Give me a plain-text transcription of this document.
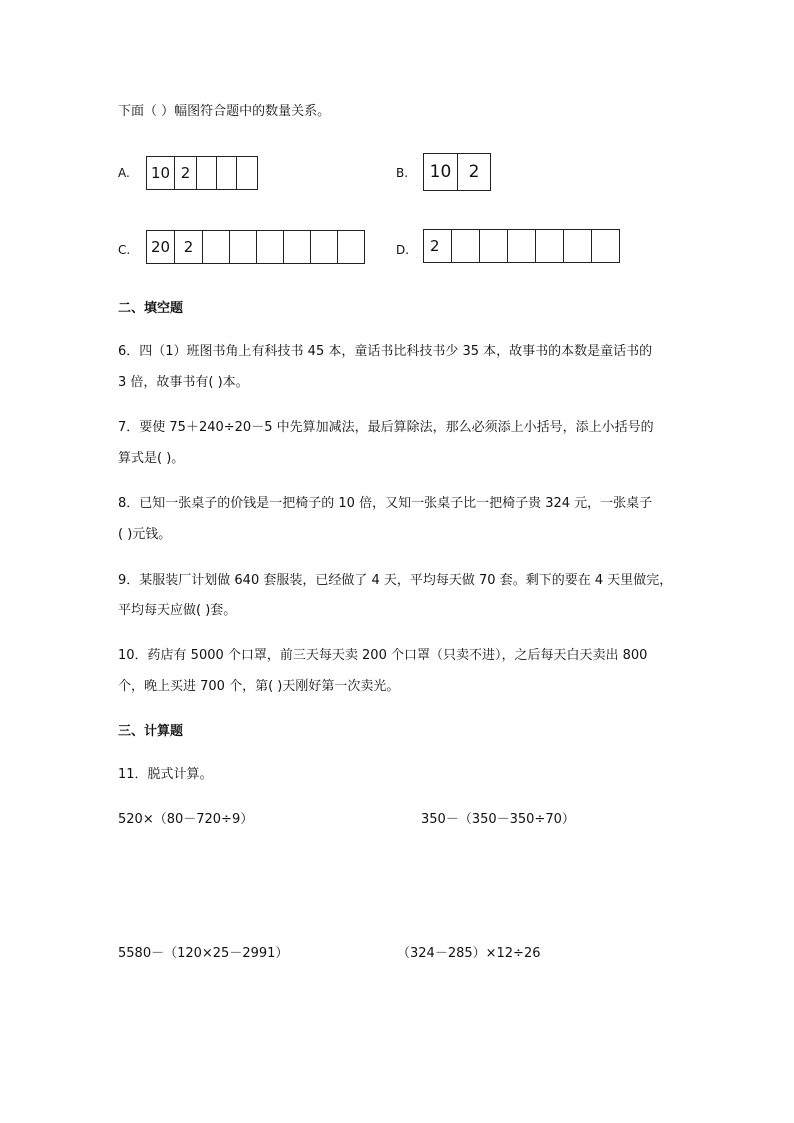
下面（ ）幅图符合题中的数量关系。
A. 10 2	B.	10	2
C. 20 2	D.	2
二、填空题
6．四（1）班图书角上有科技书 45 本，童话书比科技书少 35 本，故事书的本数是童话书的
3 倍，故事书有( )本。
7．要使 75＋240÷20－5 中先算加减法，最后算除法，那么必须添上小括号，添上小括号的
算式是( )。
8．已知一张桌子的价钱是一把椅子的 10 倍，又知一张桌子比一把椅子贵 324 元，一张桌子
( )元钱。
9．某服装厂计划做 640 套服装，已经做了 4 天，平均每天做 70 套。剩下的要在 4 天里做完，
平均每天应做( )套。
10．药店有 5000 个口罩，前三天每天卖 200 个口罩（只卖不进），之后每天白天卖出 800
个，晚上买进 700 个，第( )天刚好第一次卖光。
三、计算题
11．脱式计算。
520×（80－720÷9）	350－（350－350÷70）
5580－（120×25－2991）	（324－285）×12÷26
